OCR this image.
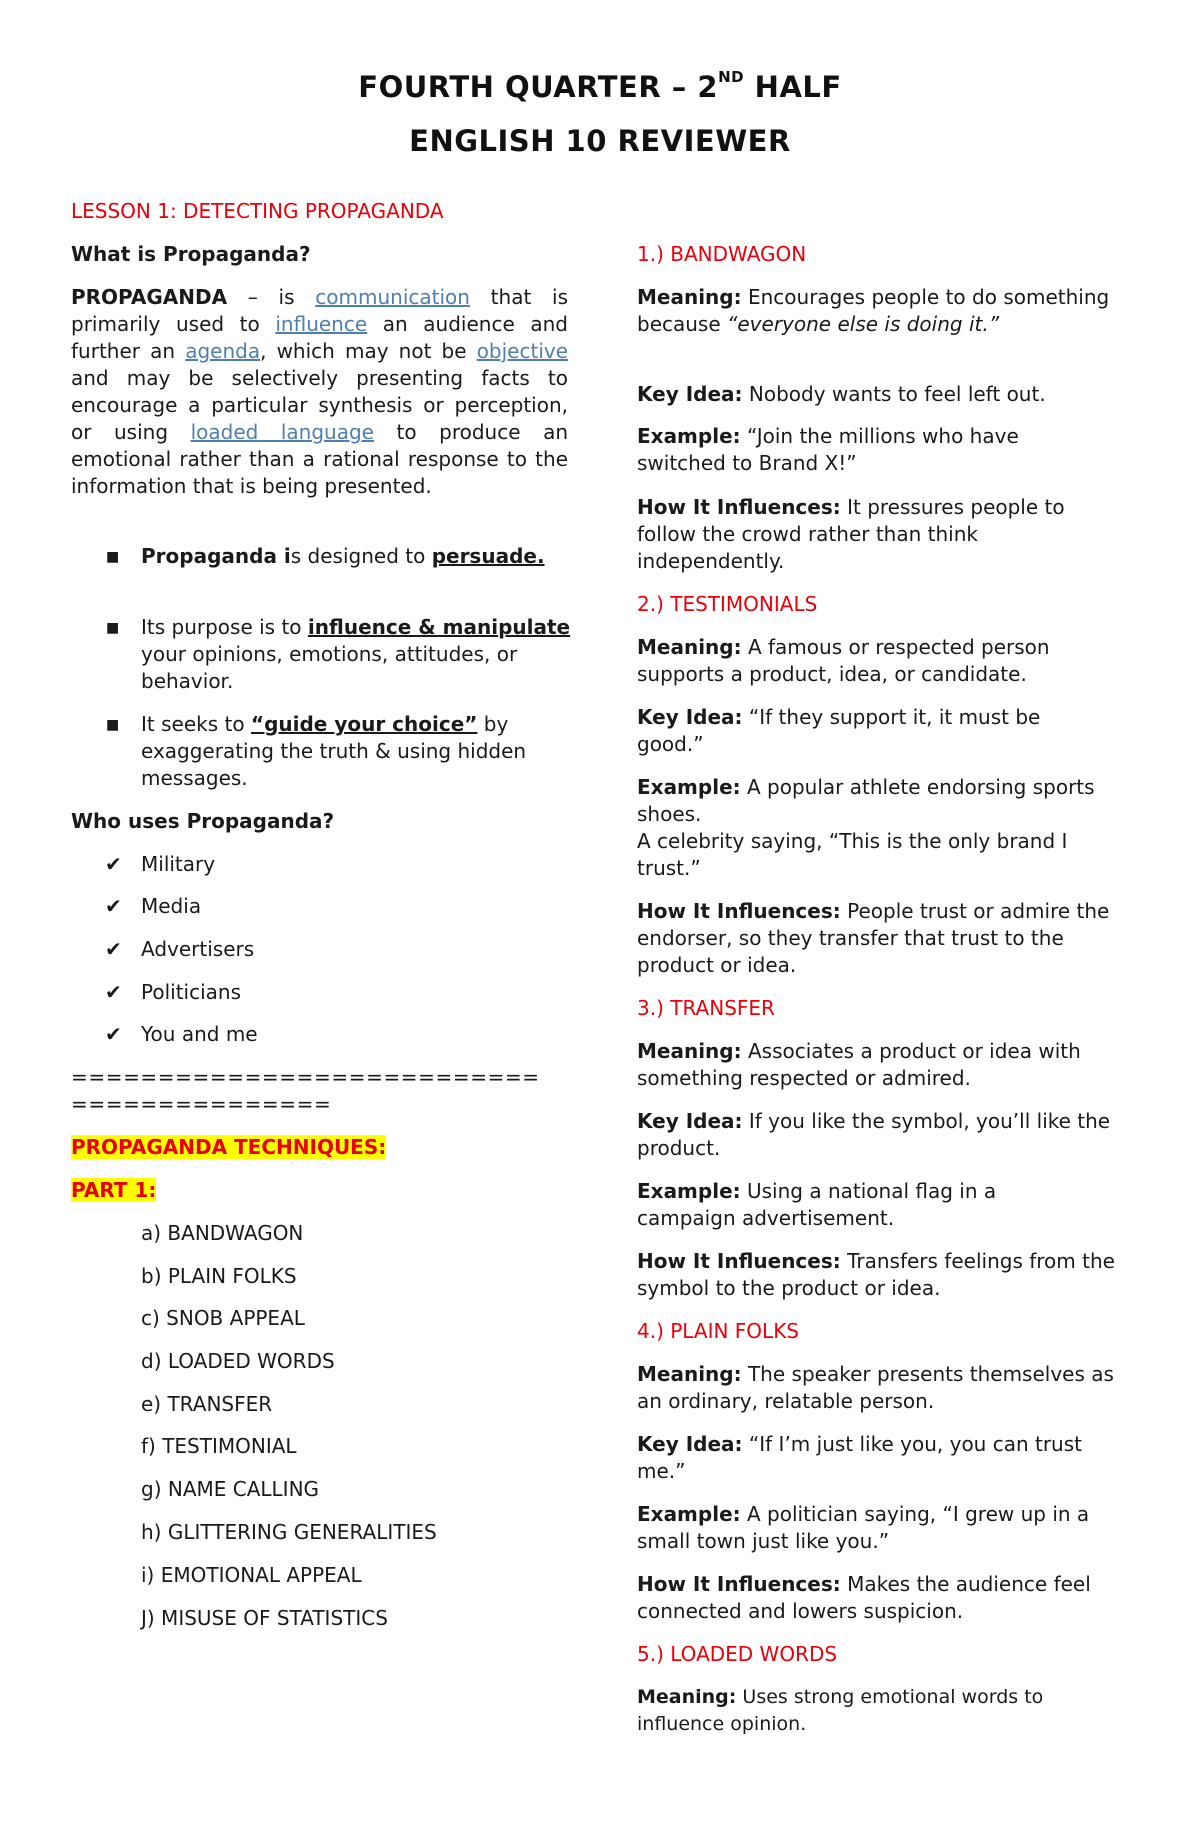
FOURTH QUARTER – 2ND HALF
ENGLISH 10 REVIEWER
LESSON 1: DETECTING PROPAGANDA
What is Propaganda?
PROPAGANDA – is communication that is primarily used to influence an audience and further an agenda, which may not be objective and may be selectively presenting facts to encourage a particular synthesis or perception, or using loaded language to produce an emotional rather than a rational response to the information that is being presented.
■ Propaganda is designed to persuade.
■ Its purpose is to influence & manipulate your opinions, emotions, attitudes, or behavior.
■ It seeks to “guide your choice” by exaggerating the truth & using hidden messages.
Who uses Propaganda?
✔ Military
✔ Media
✔ Advertisers
✔ Politicians
✔ You and me
===========================
===============
PROPAGANDA TECHNIQUES:
PART 1:
a) BANDWAGON
b) PLAIN FOLKS
c) SNOB APPEAL
d) LOADED WORDS
e) TRANSFER
f) TESTIMONIAL
g) NAME CALLING
h) GLITTERING GENERALITIES
i) EMOTIONAL APPEAL
J) MISUSE OF STATISTICS
1.) BANDWAGON
Meaning: Encourages people to do something because “everyone else is doing it.”
Key Idea: Nobody wants to feel left out.
Example: “Join the millions who have switched to Brand X!”
How It Influences: It pressures people to follow the crowd rather than think independently.
2.) TESTIMONIALS
Meaning: A famous or respected person supports a product, idea, or candidate.
Key Idea: “If they support it, it must be good.”
Example: A popular athlete endorsing sports shoes.
A celebrity saying, “This is the only brand I trust.”
How It Influences: People trust or admire the endorser, so they transfer that trust to the product or idea.
3.) TRANSFER
Meaning: Associates a product or idea with something respected or admired.
Key Idea: If you like the symbol, you’ll like the product.
Example: Using a national flag in a campaign advertisement.
How It Influences: Transfers feelings from the symbol to the product or idea.
4.) PLAIN FOLKS
Meaning: The speaker presents themselves as an ordinary, relatable person.
Key Idea: “If I’m just like you, you can trust me.”
Example: A politician saying, “I grew up in a small town just like you.”
How It Influences: Makes the audience feel connected and lowers suspicion.
5.) LOADED WORDS
Meaning: Uses strong emotional words to influence opinion.
